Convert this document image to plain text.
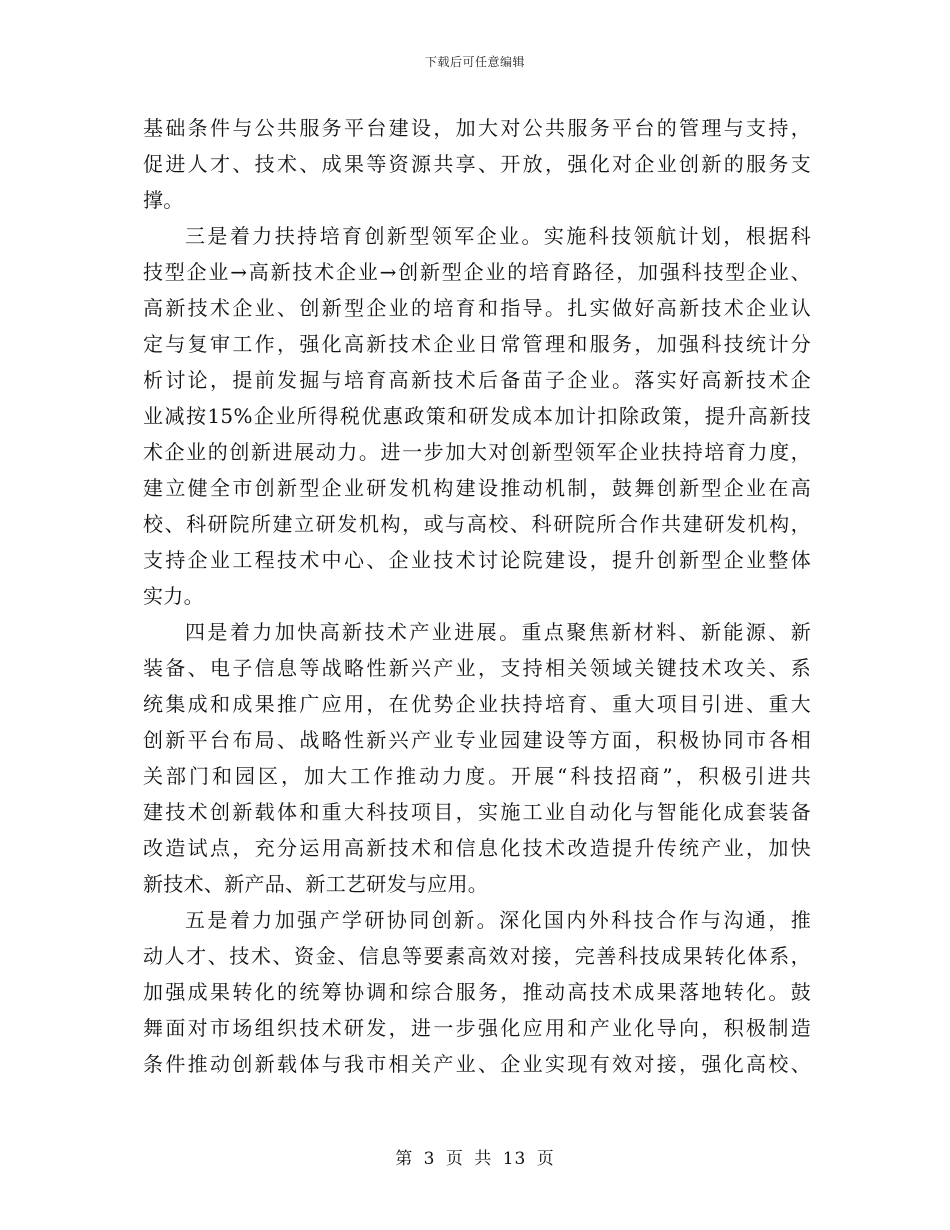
下载后可任意编辑
基础条件与公共服务平台建设，加大对公共服务平台的管理与支持，
促进人才、技术、成果等资源共享、开放，强化对企业创新的服务支
撑。
三是着力扶持培育创新型领军企业。实施科技领航计划，根据科
技型企业→高新技术企业→创新型企业的培育路径，加强科技型企业、
高新技术企业、创新型企业的培育和指导。扎实做好高新技术企业认
定与复审工作，强化高新技术企业日常管理和服务，加强科技统计分
析讨论，提前发掘与培育高新技术后备苗子企业。落实好高新技术企
业减按15%企业所得税优惠政策和研发成本加计扣除政策，提升高新技
术企业的创新进展动力。进一步加大对创新型领军企业扶持培育力度，
建立健全市创新型企业研发机构建设推动机制，鼓舞创新型企业在高
校、科研院所建立研发机构，或与高校、科研院所合作共建研发机构，
支持企业工程技术中心、企业技术讨论院建设，提升创新型企业整体
实力。
四是着力加快高新技术产业进展。重点聚焦新材料、新能源、新
装备、电子信息等战略性新兴产业，支持相关领域关键技术攻关、系
统集成和成果推广应用，在优势企业扶持培育、重大项目引进、重大
创新平台布局、战略性新兴产业专业园建设等方面，积极协同市各相
关部门和园区，加大工作推动力度。开展“科技招商”，积极引进共
建技术创新载体和重大科技项目，实施工业自动化与智能化成套装备
改造试点，充分运用高新技术和信息化技术改造提升传统产业，加快
新技术、新产品、新工艺研发与应用。
五是着力加强产学研协同创新。深化国内外科技合作与沟通，推
动人才、技术、资金、信息等要素高效对接，完善科技成果转化体系，
加强成果转化的统筹协调和综合服务，推动高技术成果落地转化。鼓
舞面对市场组织技术研发，进一步强化应用和产业化导向，积极制造
条件推动创新载体与我市相关产业、企业实现有效对接，强化高校、
第 3 页 共 13 页
